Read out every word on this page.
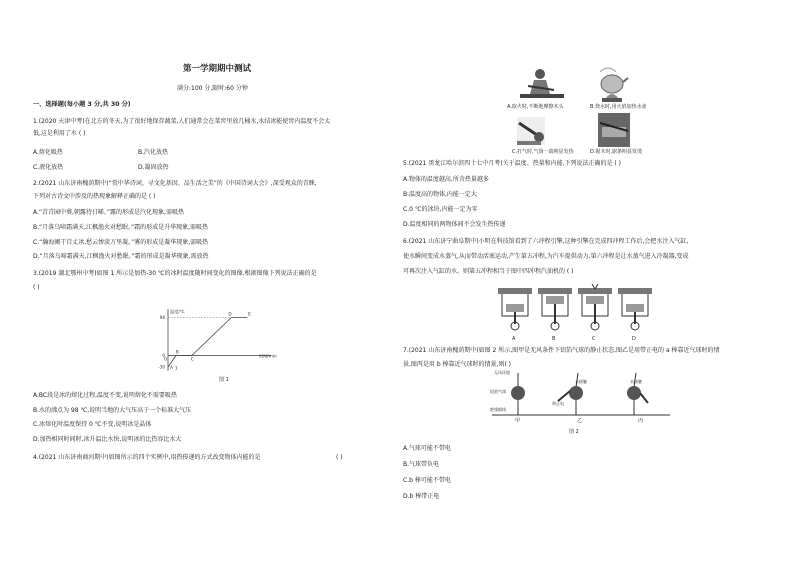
第一学期期中测试
满分:100 分,限时:60 分钟
一、选择题(每小题 3 分,共 30 分)
1.(2020 天津中考)在北方的冬天,为了很好地保存蔬菜,人们通常会在菜窖里放几桶水,水结冰能使窖内温度不会太
低,这是利用了水 ( )
A.熔化吸热	B.汽化放热
C.液化放热	D.凝固放热
2.(2021 山东济南槐荫期中)“赏中华诗词、寻文化基因、品生活之美”的《中国诗词大会》,深受观众的青睐,
下列对古诗文中涉及的热现象解释正确的是 ( )
A.“青青园中葵,朝露待日晞。”露的形成是汽化现象,需吸热
B.“月落乌啼霜满天,江枫渔火对愁眠。”霜的形成是升华现象,需吸热
C.“瀚海阑干百丈冰,愁云惨淡万里凝。”雾的形成是凝华现象,需吸热
D.“月落乌啼霜满天,江枫渔火对愁眠。”霜的形成是凝华现象,需放热
3.(2019 湖北鄂州中考)如图 1 所示是加热-30 ℃的冰时温度随时间变化的图像,根据图像下列说法正确的是
( )
温度/℃
时间/min
98
0
-30
O
1
A
B
C
D	E
图 1
A.BC段是冰的熔化过程,温度不变,说明熔化不需要吸热
B.水的沸点为 98 ℃,说明当地的大气压高于一个标准大气压
C.冰熔化时温度保持 0 ℃不变,说明冰是晶体
D.加热相同时间时,冰升温比水快,说明冰的比热容比水大
4.(2021 山东济南商河期中)如图所示的四个实例中,用热传递的方式改变物体内能的是	( )
A.取火时,不断地摩擦木头	B.烧水时,用火焰加热水壶
C.打气时,气筒一端明显发热	D.锯木时,锯条明显发烫
5.(2021 黑龙江哈尔滨四十七中月考)关于温度、热量和内能,下列说法正确的是 ( )
A.物体的温度越高,所含热量越多
B.温度高的物体,内能一定大
C.0 ℃的冰块,内能一定为零
D.温度相同的两物体间不会发生热传递
6.(2021 山东济宁曲阜期中)小明在科技馆看到了六冲程引擎,这种引擎在完成四冲程工作后,会把水注入气缸,
使水瞬间变成水蒸气,从而带动活塞运动,产生第五冲程,为汽车提供动力,第六冲程是让水蒸气进入冷凝器,变成
可再次注入气缸的水。则第五冲程相当于图中四冲程汽油机的 ( )
A	B	C	D
7.(2021 山东济南槐荫期中)如图 2 所示,图甲是无风条件下铝箔气球的静止状态,图乙是用带正电的 a 棒靠近气球时的情
景,图丙是用 b 棒靠近气球时的情景,则( )
无风环境
铝箔气球
绝缘细线
未接触
带正电
未接触
甲	乙	丙
图 2
A.气球可能不带电
B.气球带负电
C.b 棒可能不带电
D.b 棒带正电
